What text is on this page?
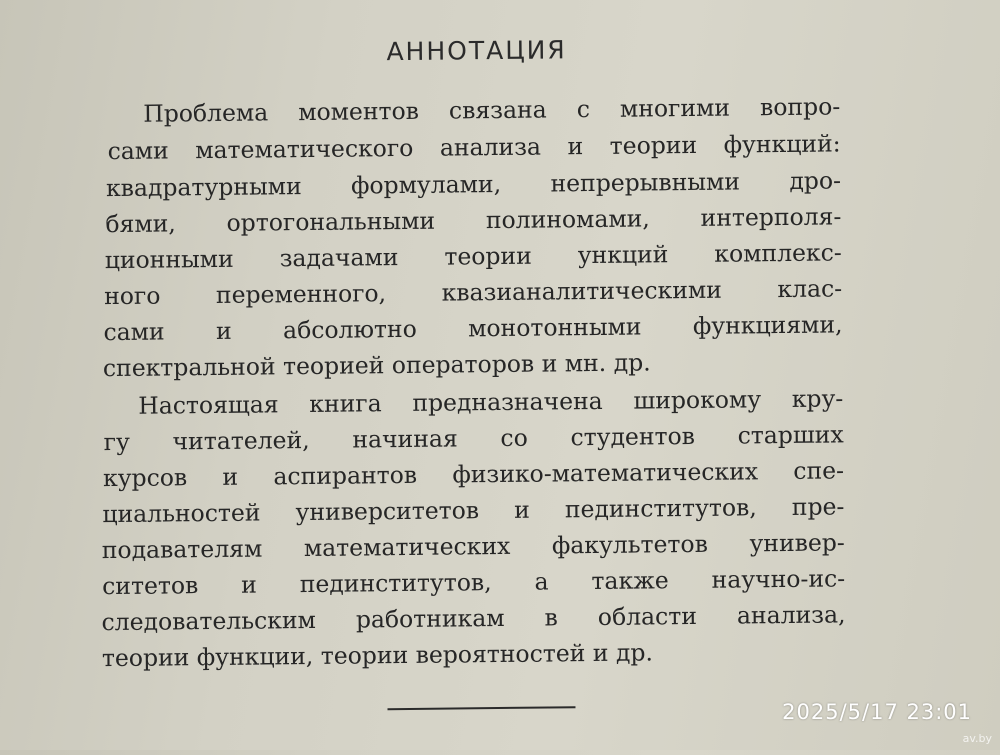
АННОТАЦИЯ
Проблема моментов связана с многими вопро-
сами математического анализа и теории функций:
квадратурными формулами, непрерывными дро-
бями, ортогональными полиномами, интерполя-
ционными задачами теории ункций комплекс-
ного переменного, квазианалитическими клас-
сами и абсолютно монотонными функциями,
спектральной теорией операторов и мн. др.
Настоящая книга предназначена широкому кру-
гу читателей, начиная со студентов старших
курсов и аспирантов физико-математических спе-
циальностей университетов и пединститутов, пре-
подавателям математических факультетов универ-
ситетов и пединститутов, а также научно-ис-
следовательским работникам в области анализа,
теории функции, теории вероятностей и др.
2025/5/17 23:01
av.by
